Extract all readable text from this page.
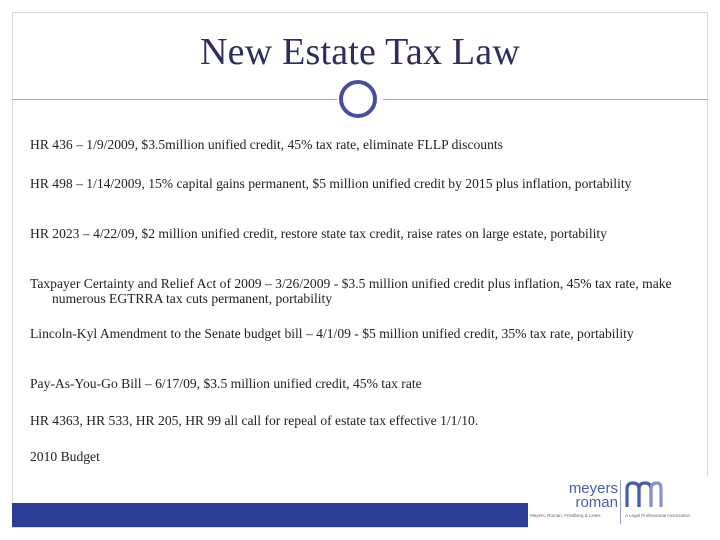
New Estate Tax Law
HR 436 – 1/9/2009, $3.5million unified credit, 45% tax rate, eliminate FLLP discounts
HR 498 – 1/14/2009, 15% capital gains permanent, $5 million unified credit by 2015 plus inflation, portability
HR 2023 – 4/22/09, $2 million unified credit, restore state tax credit, raise rates on large estate, portability
Taxpayer Certainty and Relief Act of 2009 – 3/26/2009 - $3.5 million unified credit plus inflation, 45% tax rate, make numerous EGTRRA tax cuts permanent, portability
Lincoln-Kyl Amendment to the Senate budget bill – 4/1/09 - $5 million unified credit, 35% tax rate, portability
Pay-As-You-Go Bill – 6/17/09, $3.5 million unified credit, 45% tax rate
HR 4363, HR 533, HR 205, HR 99 all call for repeal of estate tax effective 1/1/10.
2010 Budget
meyers
roman
Meyers, Roman, Friedberg & Lewis	A Legal Professional Association
